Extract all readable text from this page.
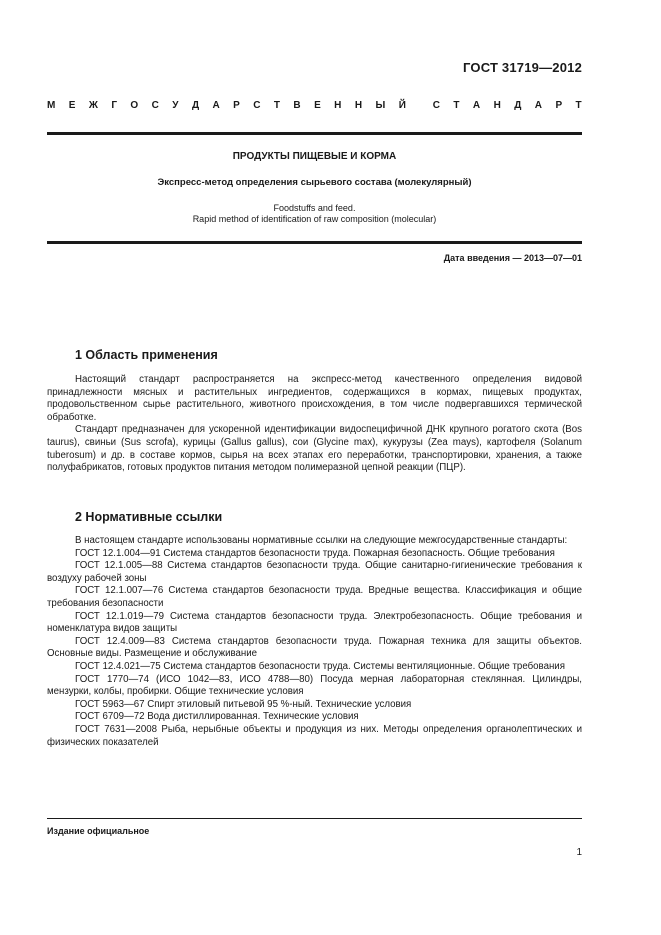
ГОСТ 31719—2012
М Е Ж Г О С У Д А Р С Т В Е Н Н Ы Й	С Т А Н Д А Р Т
ПРОДУКТЫ ПИЩЕВЫЕ И КОРМА
Экспресс-метод определения сырьевого состава (молекулярный)
Foodstuffs and feed.
Rapid method of identification of raw composition (molecular)
Дата введения — 2013—07—01
1 Область применения

Настоящий стандарт распространяется на экспресс-метод качественного определения видовой принадлежности мясных и растительных ингредиентов, содержащихся в кормах, пищевых продуктах, продовольственном сырье растительного, животного происхождения, в том числе подвергавшихся термической обработке.

Стандарт предназначен для ускоренной идентификации видоспецифичной ДНК крупного рогатого скота (Bos taurus), свиньи (Sus scrofa), курицы (Gallus gallus), сои (Glycine max), кукурузы (Zea mays), картофеля (Solanum tuberosum) и др. в составе кормов, сырья на всех этапах его переработки, транспортировки, хранения, а также полуфабрикатов, готовых продуктов питания методом полимеразной цепной реакции (ПЦР).

2 Нормативные ссылки

В настоящем стандарте использованы нормативные ссылки на следующие межгосударственные стандарты:

ГОСТ 12.1.004—91 Система стандартов безопасности труда. Пожарная безопасность. Общие требования

ГОСТ 12.1.005—88 Система стандартов безопасности труда. Общие санитарно-гигиенические требования к воздуху рабочей зоны

ГОСТ 12.1.007—76 Система стандартов безопасности труда. Вредные вещества. Классификация и общие требования безопасности

ГОСТ 12.1.019—79 Система стандартов безопасности труда. Электробезопасность. Общие требования и номенклатура видов защиты

ГОСТ 12.4.009—83 Система стандартов безопасности труда. Пожарная техника для защиты объектов. Основные виды. Размещение и обслуживание

ГОСТ 12.4.021—75 Система стандартов безопасности труда. Системы вентиляционные. Общие требования

ГОСТ 1770—74 (ИСО 1042—83, ИСО 4788—80) Посуда мерная лабораторная стеклянная. Цилиндры, мензурки, колбы, пробирки. Общие технические условия

ГОСТ 5963—67 Спирт этиловый питьевой 95 %-ный. Технические условия

ГОСТ 6709—72 Вода дистиллированная. Технические условия

ГОСТ 7631—2008 Рыба, нерыбные объекты и продукция из них. Методы определения органолептических и физических показателей

Издание официальное
1
